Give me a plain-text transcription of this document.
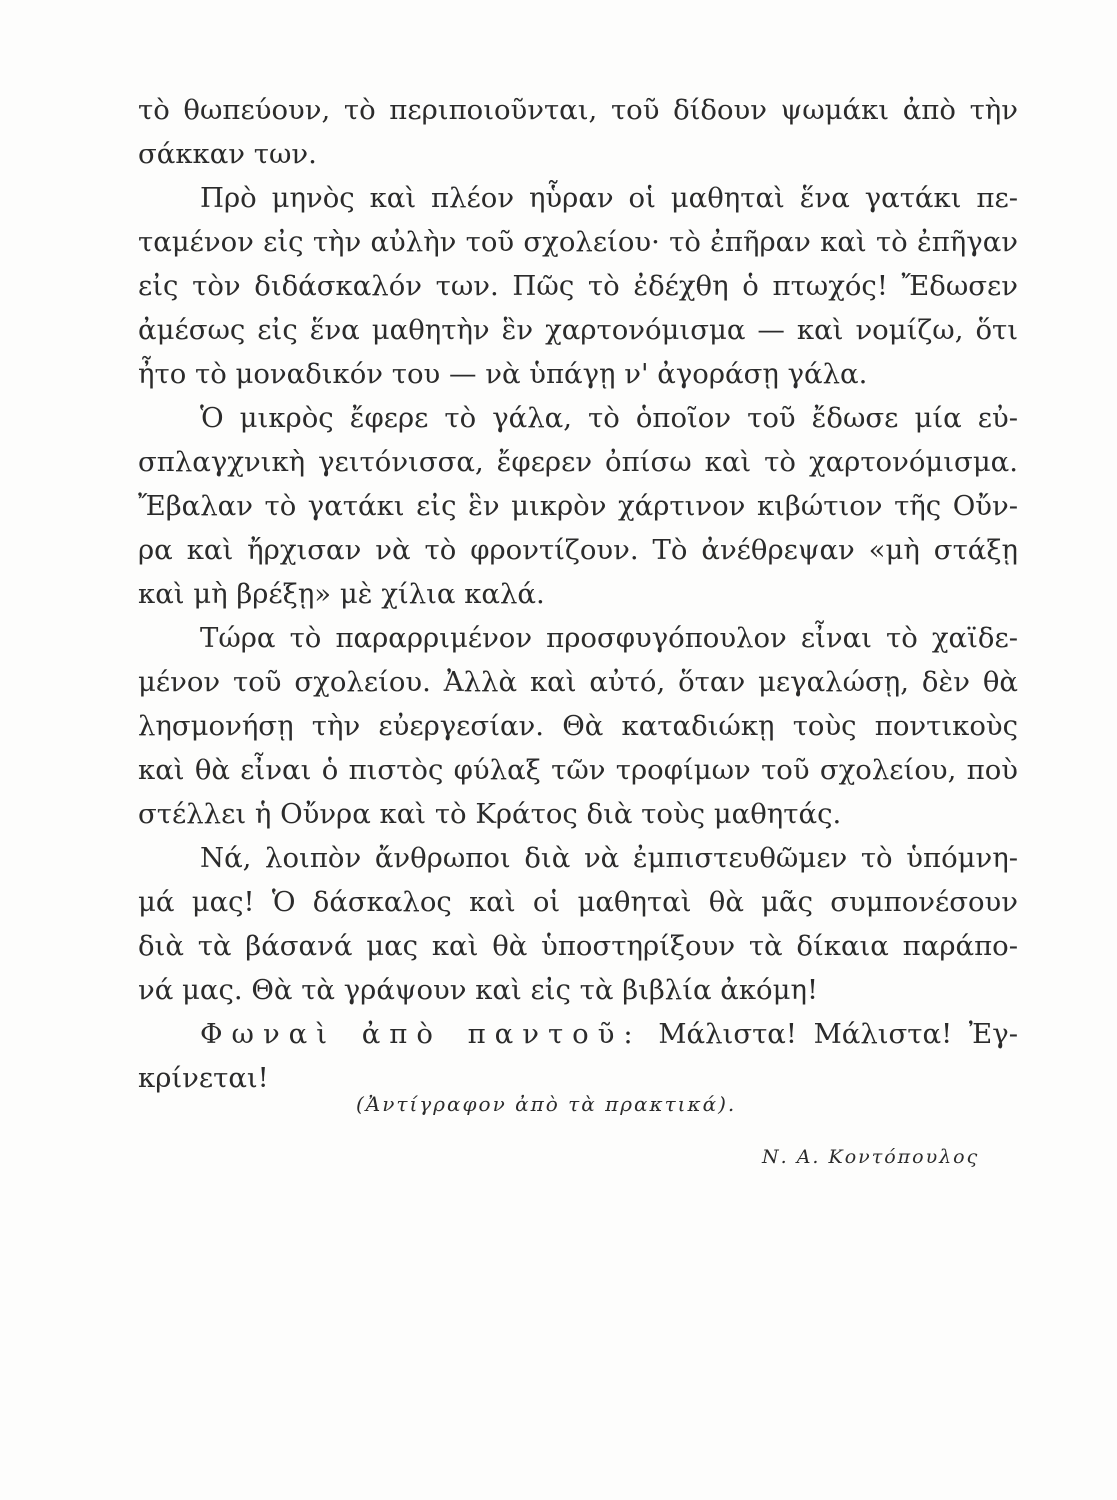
τὸ θωπεύουν, τὸ περιποιοῦνται, τοῦ δίδουν ψωμάκι ἀπὸ τὴν
σάκκαν των.
Πρὸ μηνὸς καὶ πλέον ηὗραν οἱ μαθηταὶ ἕνα γατάκι πε-
ταμένον εἰς τὴν αὐλὴν τοῦ σχολείου· τὸ ἐπῆραν καὶ τὸ ἐπῆγαν
εἰς τὸν διδάσκαλόν των. Πῶς τὸ ἐδέχθη ὁ πτωχός! Ἔδωσεν
ἀμέσως εἰς ἕνα μαθητὴν ἓν χαρτονόμισμα — καὶ νομίζω, ὅτι
ἦτο τὸ μοναδικόν του — νὰ ὑπάγῃ ν' ἀγοράσῃ γάλα.
Ὁ μικρὸς ἔφερε τὸ γάλα, τὸ ὁποῖον τοῦ ἔδωσε μία εὐ-
σπλαγχνικὴ γειτόνισσα, ἔφερεν ὀπίσω καὶ τὸ χαρτονόμισμα.
Ἔβαλαν τὸ γατάκι εἰς ἓν μικρὸν χάρτινον κιβώτιον τῆς Οὔν-
ρα καὶ ἤρχισαν νὰ τὸ φροντίζουν. Τὸ ἀνέθρεψαν «μὴ στάξῃ
καὶ μὴ βρέξῃ» μὲ χίλια καλά.
Τώρα τὸ παραρριμένον προσφυγόπουλον εἶναι τὸ χαϊδε-
μένον τοῦ σχολείου. Ἀλλὰ καὶ αὐτό, ὅταν μεγαλώσῃ, δὲν θὰ
λησμονήσῃ τὴν εὐεργεσίαν. Θὰ καταδιώκῃ τοὺς ποντικοὺς
καὶ θὰ εἶναι ὁ πιστὸς φύλαξ τῶν τροφίμων τοῦ σχολείου, ποὺ
στέλλει ἡ Οὔνρα καὶ τὸ Κράτος διὰ τοὺς μαθητάς.
Νά, λοιπὸν ἄνθρωποι διὰ νὰ ἐμπιστευθῶμεν τὸ ὑπόμνη-
μά μας! Ὁ δάσκαλος καὶ οἱ μαθηταὶ θὰ μᾶς συμπονέσουν
διὰ τὰ βάσανά μας καὶ θὰ ὑποστηρίξουν τὰ δίκαια παράπο-
νά μας. Θὰ τὰ γράψουν καὶ εἰς τὰ βιβλία ἀκόμη!
Φωναὶ ἀπὸ παντοῦ: Μάλιστα! Μάλιστα! Ἐγ-
κρίνεται!
(Ἀντίγραφον ἀπὸ τὰ πρακτικά).
Ν. Α. Κοντόπουλος
